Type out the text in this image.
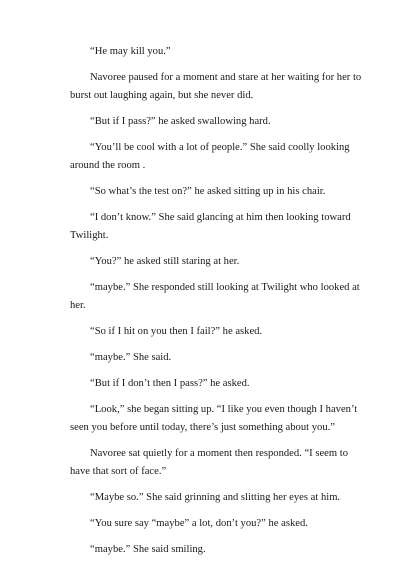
“He may kill you.”

Navoree paused for a moment and stare at her waiting for her to burst out laughing again, but she never did.

“But if I pass?” he asked swallowing hard.

“You’ll be cool with a lot of people.” She said coolly looking around the room .

“So what’s the test on?” he asked sitting up in his chair.

“I don’t know.” She said glancing at him then looking toward Twilight.

“You?” he asked still staring at her.

“maybe.” She responded still looking at Twilight who looked at her.

“So if I hit on you then I fail?” he asked.

“maybe.” She said.

“But if I don’t then I pass?” he asked.

“Look,” she began sitting up. “I like you even though I haven’t seen you before until today, there’s just something about you.”

Navoree sat quietly for a moment then responded. “I seem to have that sort of face.”

“Maybe so.” She said grinning and slitting her eyes at him.

“You sure say “maybe” a lot, don’t you?” he asked.

“maybe.” She said smiling.
